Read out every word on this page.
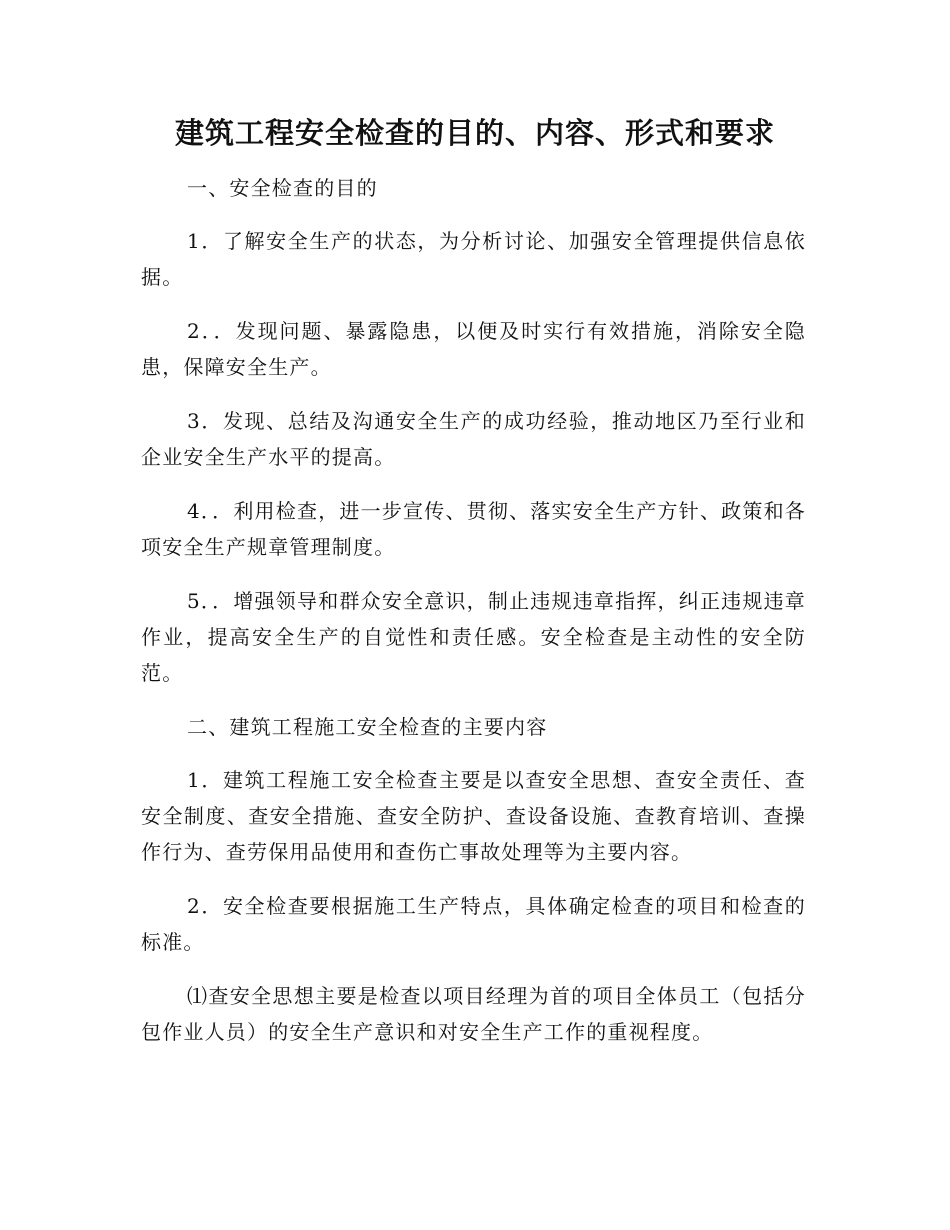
建筑工程安全检查的目的、内容、形式和要求

一、安全检查的目的

1．了解安全生产的状态，为分析讨论、加强安全管理提供信息依据。

2．．发现问题、暴露隐患，以便及时实行有效措施，消除安全隐患，保障安全生产。

3．发现、总结及沟通安全生产的成功经验，推动地区乃至行业和企业安全生产水平的提高。

4．．利用检查，进一步宣传、贯彻、落实安全生产方针、政策和各项安全生产规章管理制度。

5．．增强领导和群众安全意识，制止违规违章指挥，纠正违规违章作业，提高安全生产的自觉性和责任感。安全检查是主动性的安全防范。

二、建筑工程施工安全检查的主要内容

1．建筑工程施工安全检查主要是以查安全思想、查安全责任、查安全制度、查安全措施、查安全防护、查设备设施、查教育培训、查操作行为、查劳保用品使用和查伤亡事故处理等为主要内容。

2．安全检查要根据施工生产特点，具体确定检查的项目和检查的标准。

⑴查安全思想主要是检查以项目经理为首的项目全体员工（包括分包作业人员）的安全生产意识和对安全生产工作的重视程度。
